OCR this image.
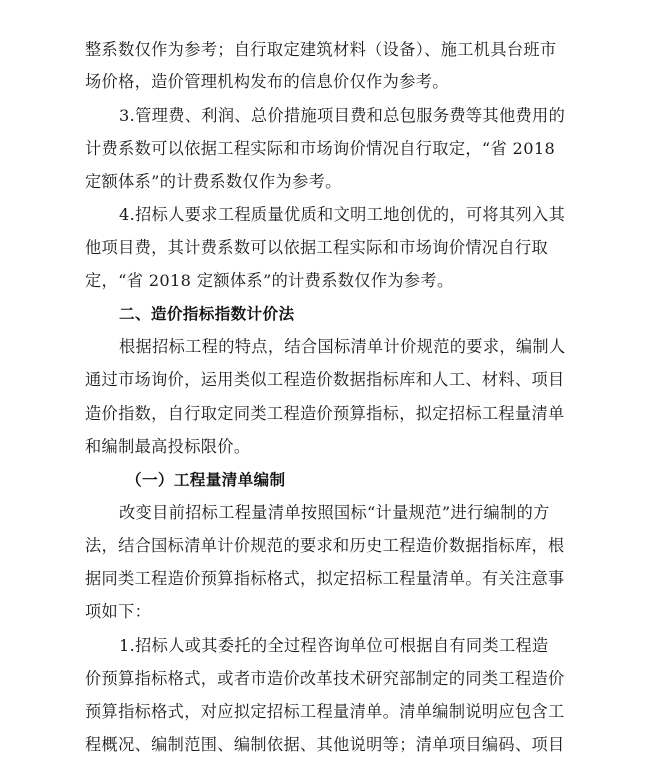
整系数仅作为参考；自行取定建筑材料（设备）、施工机具台班市
场价格，造价管理机构发布的信息价仅作为参考。
3.管理费、利润、总价措施项目费和总包服务费等其他费用的
计费系数可以依据工程实际和市场询价情况自行取定，“省 2018
定额体系”的计费系数仅作为参考。
4.招标人要求工程质量优质和文明工地创优的，可将其列入其
他项目费，其计费系数可以依据工程实际和市场询价情况自行取
定，“省 2018 定额体系”的计费系数仅作为参考。
二、造价指标指数计价法
根据招标工程的特点，结合国标清单计价规范的要求，编制人
通过市场询价，运用类似工程造价数据指标库和人工、材料、项目
造价指数，自行取定同类工程造价预算指标，拟定招标工程量清单
和编制最高投标限价。
（一）工程量清单编制
改变目前招标工程量清单按照国标“计量规范”进行编制的方
法，结合国标清单计价规范的要求和历史工程造价数据指标库，根
据同类工程造价预算指标格式，拟定招标工程量清单。有关注意事
项如下：
1.招标人或其委托的全过程咨询单位可根据自有同类工程造
价预算指标格式，或者市造价改革技术研究部制定的同类工程造价
预算指标格式，对应拟定招标工程量清单。清单编制说明应包含工
程概况、编制范围、编制依据、其他说明等；清单项目编码、项目
